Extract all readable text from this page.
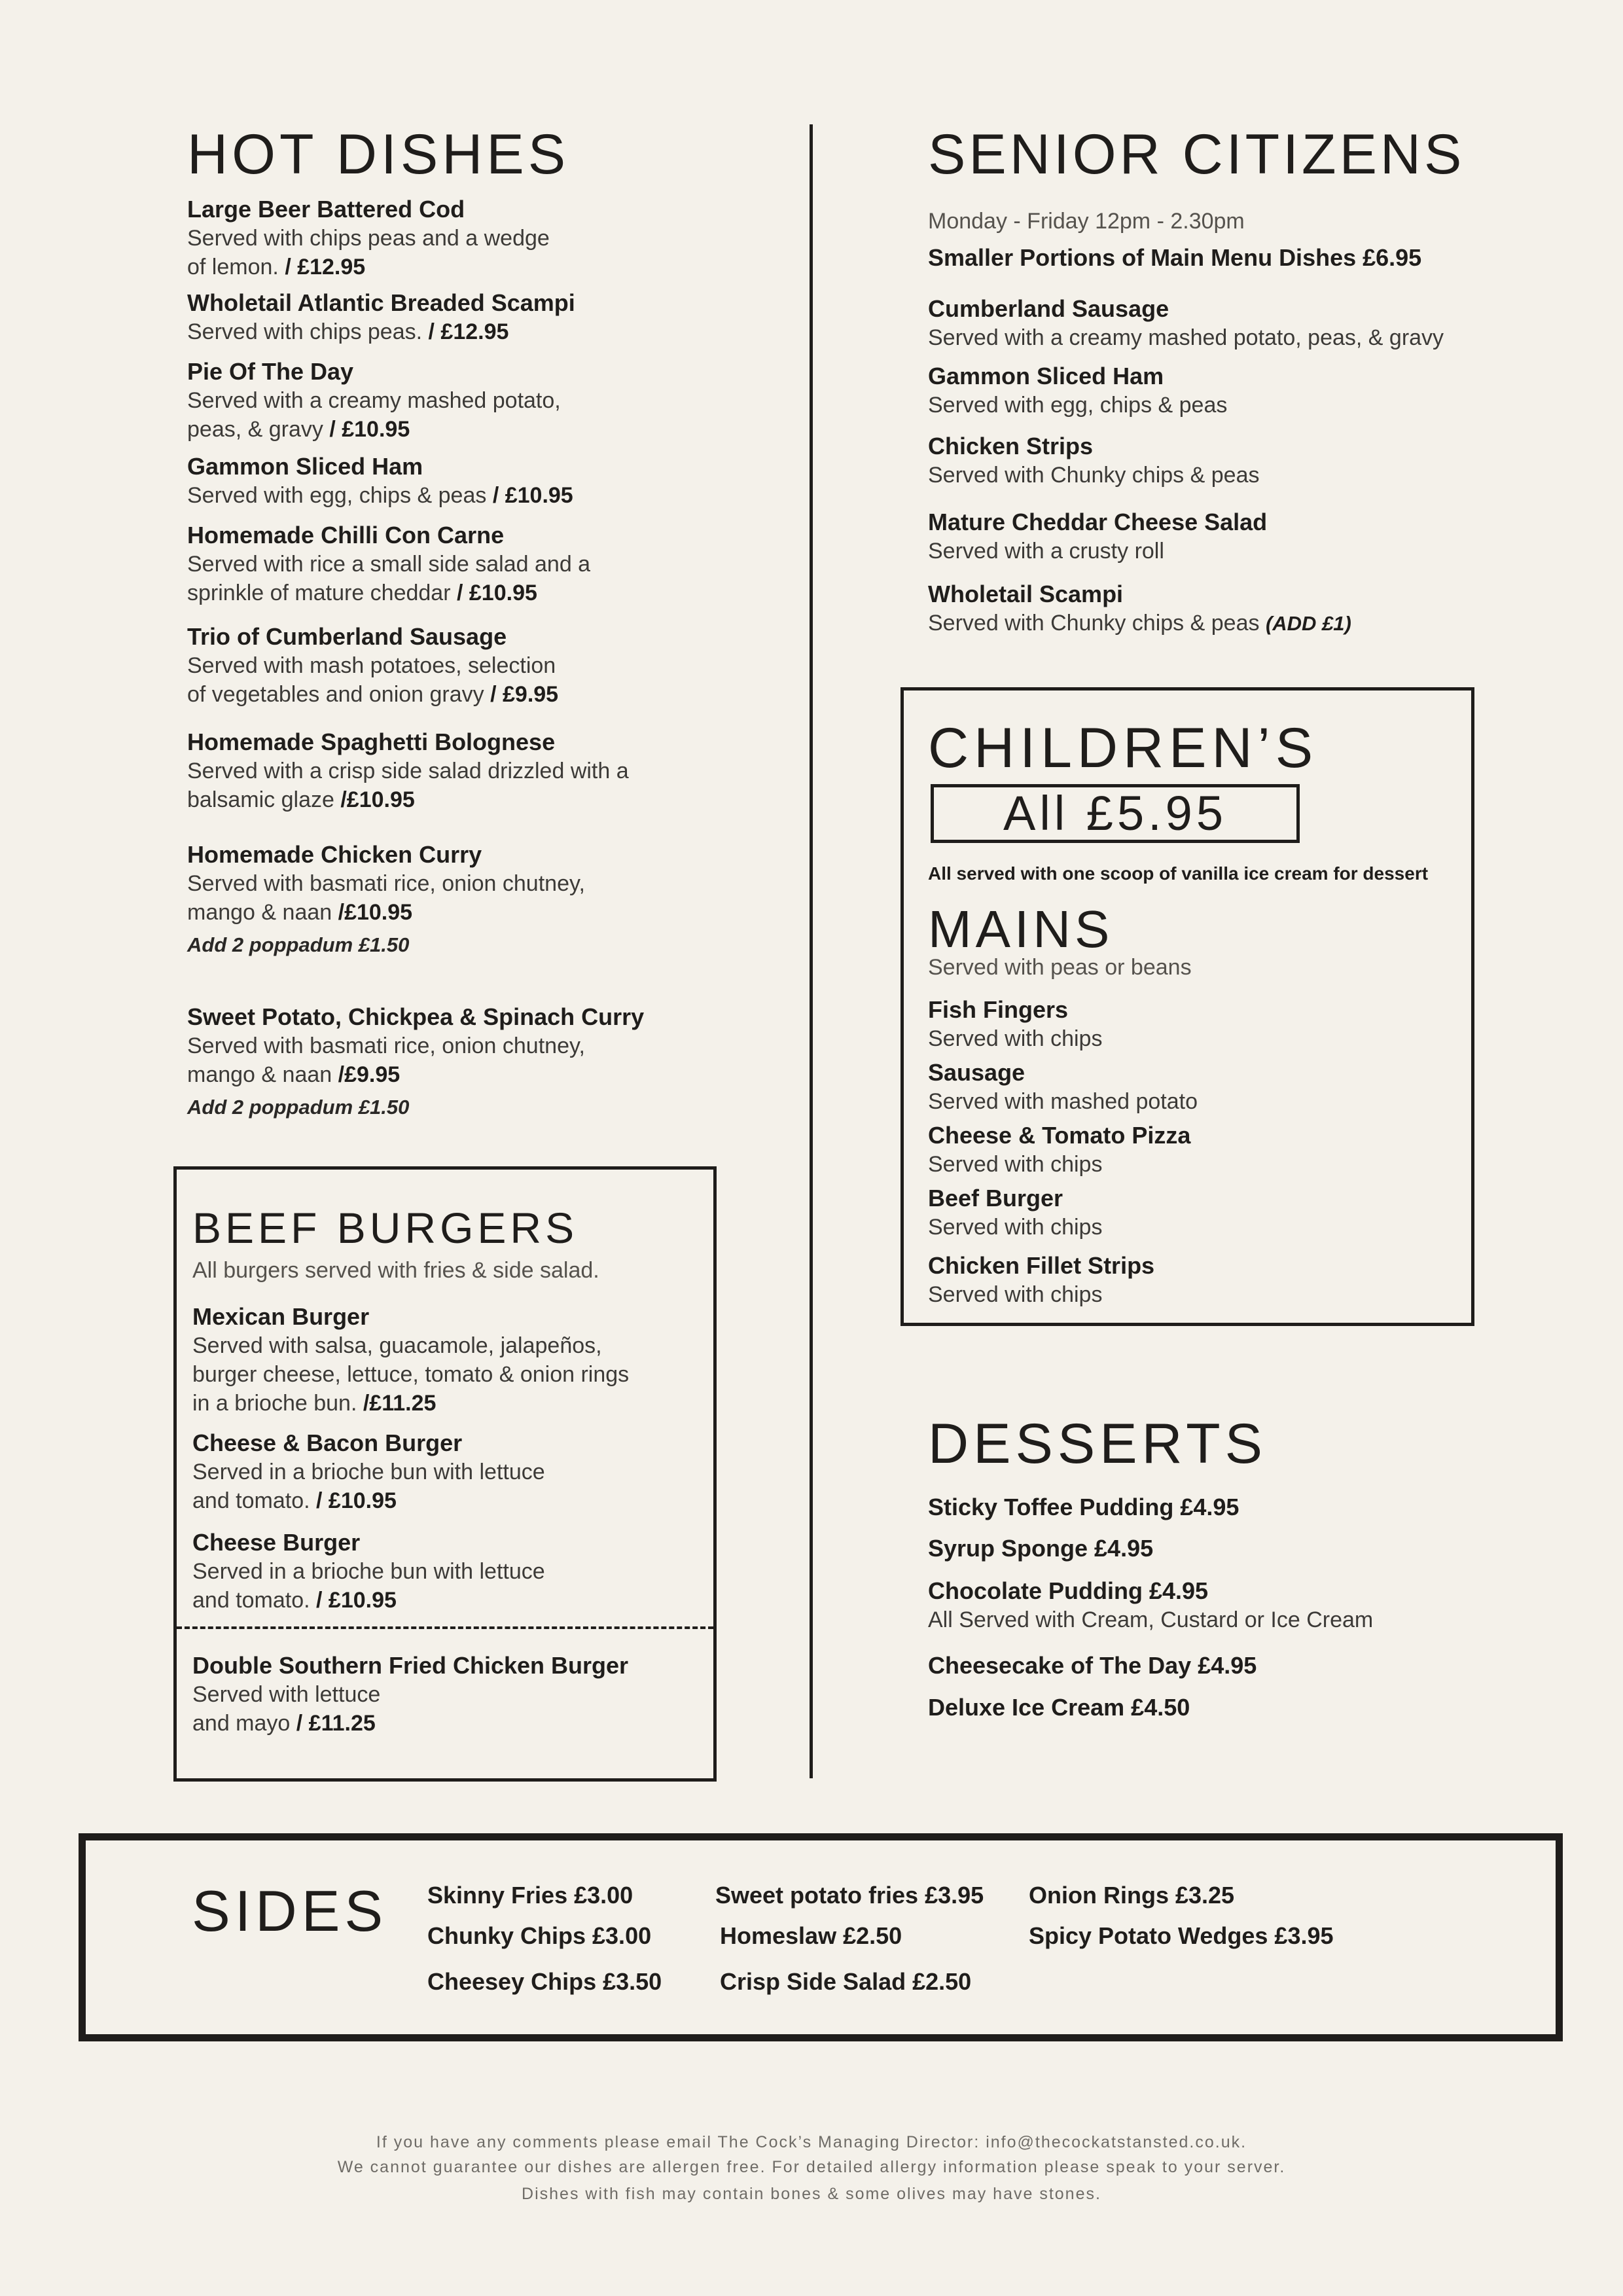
HOT DISHES
BEEF BURGERS
All burgers served with fries & side salad.
SENIOR CITIZENS
Monday - Friday 12pm - 2.30pm
Smaller Portions of Main Menu Dishes £6.95
CHILDREN’S
All £5.95
All served with one scoop of vanilla ice cream for dessert
MAINS
Served with peas or beans
DESSERTS
SIDES
Large Beer Battered Cod
Served with chips peas and a wedge
of lemon. / £12.95
Wholetail Atlantic Breaded Scampi
Served with chips peas. / £12.95
Pie Of The Day
Served with a creamy mashed potato,
peas, & gravy / £10.95
Gammon Sliced Ham
Served with egg, chips & peas / £10.95
Homemade Chilli Con Carne
Served with rice a small side salad and a
sprinkle of mature cheddar / £10.95
Trio of Cumberland Sausage
Served with mash potatoes, selection
of vegetables and onion gravy / £9.95
Homemade Spaghetti Bolognese
Served with a crisp side salad drizzled with a
balsamic glaze /£10.95
Homemade Chicken Curry
Served with basmati rice, onion chutney,
mango & naan /£10.95
Add 2 poppadum £1.50
Sweet Potato, Chickpea & Spinach Curry
Served with basmati rice, onion chutney,
mango & naan /£9.95
Add 2 poppadum £1.50
Mexican Burger
Served with salsa, guacamole, jalapeños,
burger cheese, lettuce, tomato & onion rings
in a brioche bun. /£11.25
Cheese & Bacon Burger
Served in a brioche bun with lettuce
and tomato. / £10.95
Cheese Burger
Served in a brioche bun with lettuce
and tomato. / £10.95
Double Southern Fried Chicken Burger
Served with lettuce
and mayo / £11.25
Cumberland Sausage
Served with a creamy mashed potato, peas, & gravy
Gammon Sliced Ham
Served with egg, chips & peas
Chicken Strips
Served with Chunky chips & peas
Mature Cheddar Cheese Salad
Served with a crusty roll
Wholetail Scampi
Served with Chunky chips & peas (ADD £1)
Fish Fingers
Served with chips
Sausage
Served with mashed potato
Cheese & Tomato Pizza
Served with chips
Beef Burger
Served with chips
Chicken Fillet Strips
Served with chips
Sticky Toffee Pudding £4.95
Syrup Sponge £4.95
Chocolate Pudding £4.95
All Served with Cream, Custard or Ice Cream
Cheesecake of The Day £4.95
Deluxe Ice Cream £4.50
Skinny Fries £3.00
Chunky Chips £3.00
Cheesey Chips £3.50
Sweet potato fries £3.95
Homeslaw £2.50
Crisp Side Salad £2.50
Onion Rings £3.25
Spicy Potato Wedges £3.95
If you have any comments please email The Cock’s Managing Director: info@thecockatstansted.co.uk.
We cannot guarantee our dishes are allergen free. For detailed allergy information please speak to your server.
Dishes with fish may contain bones & some olives may have stones.
